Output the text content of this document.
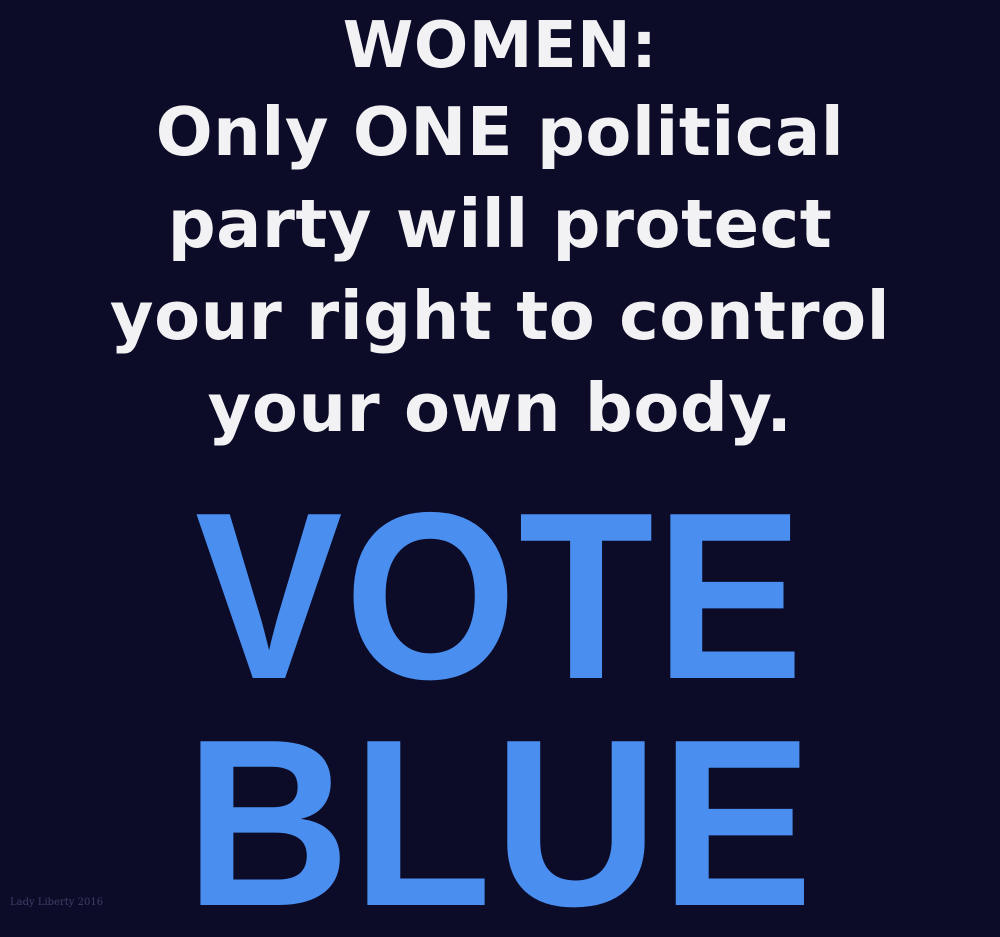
WOMEN:
Only ONE political
party will protect
your right to control
your own body.
VOTE
BLUE
Lady Liberty 2016
